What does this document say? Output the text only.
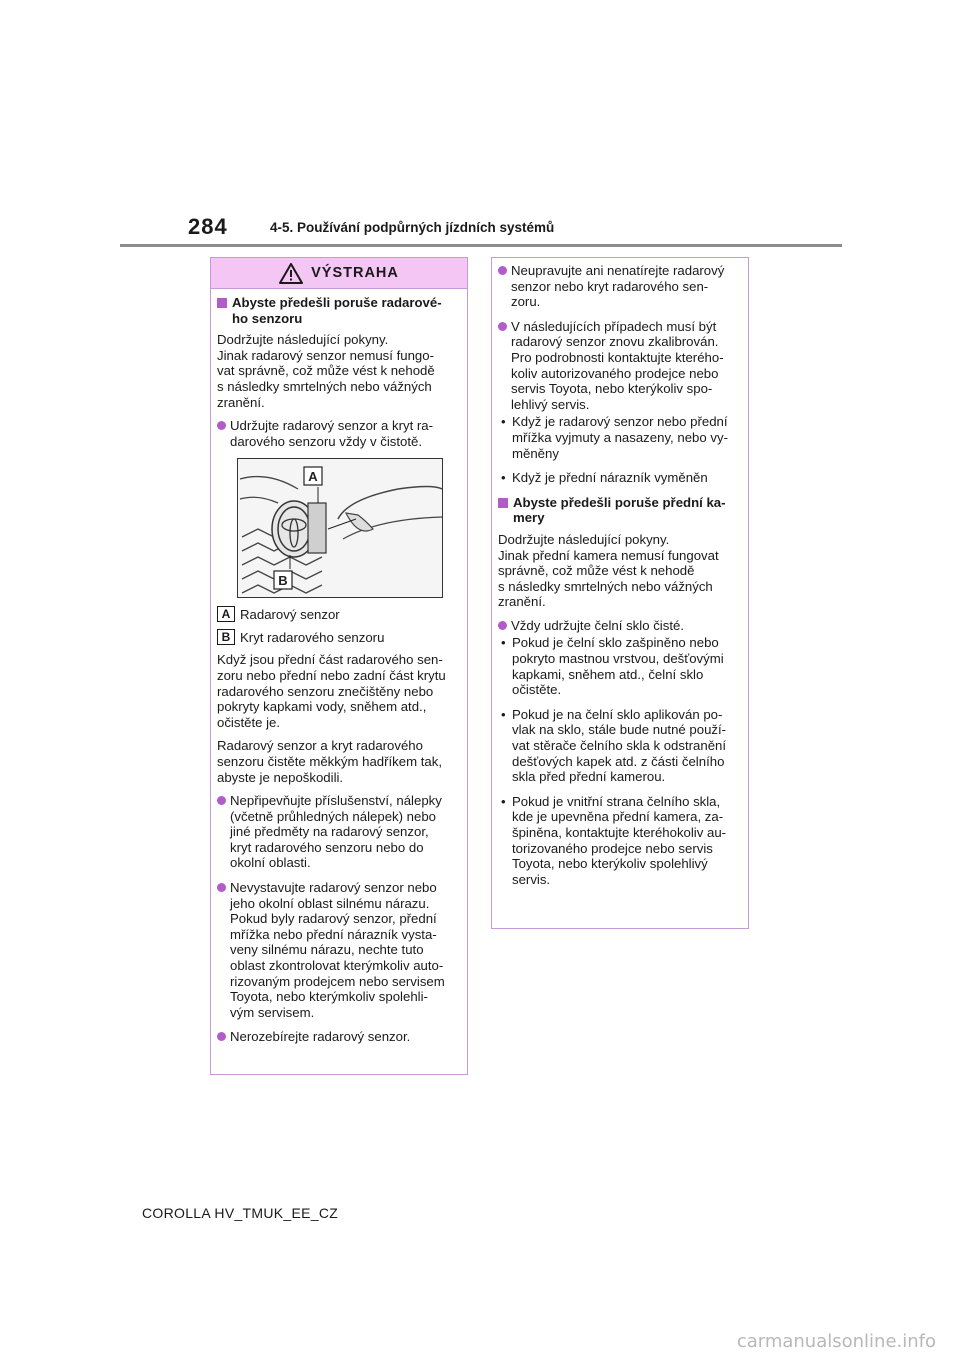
284	4-5. Používání podpůrných jízdních systémů
VÝSTRAHA
Abyste předešli poruše radarové-
ho senzoru
Dodržujte následující pokyny.
Jinak radarový senzor nemusí fungo-
vat správně, což může vést k nehodě
s následky smrtelných nebo vážných
zranění.
Udržujte radarový senzor a kryt ra-
darového senzoru vždy v čistotě.
A
B
A Radarový senzor
B Kryt radarového senzoru
Když jsou přední část radarového sen-
zoru nebo přední nebo zadní část krytu
radarového senzoru znečištěny nebo
pokryty kapkami vody, sněhem atd.,
očistěte je.
Radarový senzor a kryt radarového
senzoru čistěte měkkým hadříkem tak,
abyste je nepoškodili.
Nepřipevňujte příslušenství, nálepky
(včetně průhledných nálepek) nebo
jiné předměty na radarový senzor,
kryt radarového senzoru nebo do
okolní oblasti.
Nevystavujte radarový senzor nebo
jeho okolní oblast silnému nárazu.
Pokud byly radarový senzor, přední
mřížka nebo přední nárazník vysta-
veny silnému nárazu, nechte tuto
oblast zkontrolovat kterýmkoliv auto-
rizovaným prodejcem nebo servisem
Toyota, nebo kterýmkoliv spolehli-
vým servisem.
Nerozebírejte radarový senzor.
Neupravujte ani nenatírejte radarový
senzor nebo kryt radarového sen-
zoru.
V následujících případech musí být
radarový senzor znovu zkalibrován.
Pro podrobnosti kontaktujte kteréhо-
koliv autorizovaného prodejce nebo
servis Toyota, nebo kterýkoliv spo-
lehlivý servis.
• Když je radarový senzor nebo přední
mřížka vyjmuty a nasazeny, nebo vy-
měněny
• Když je přední nárazník vyměněn
Abyste předešli poruše přední ka-
mery
Dodržujte následující pokyny.
Jinak přední kamera nemusí fungovat
správně, což může vést k nehodě
s následky smrtelných nebo vážných
zranění.
Vždy udržujte čelní sklo čisté.
• Pokud je čelní sklo zašpiněno nebo
pokryto mastnou vrstvou, dešťovými
kapkami, sněhem atd., čelní sklo
očistěte.
• Pokud je na čelní sklo aplikován po-
vlak na sklo, stále bude nutné použí-
vat stěrače čelního skla k odstranění
dešťových kapek atd. z části čelního
skla před přední kamerou.
• Pokud je vnitřní strana čelního skla,
kde je upevněna přední kamera, za-
špiněna, kontaktujte kteréhokoliv au-
torizovaného prodejce nebo servis
Toyota, nebo kterýkoliv spolehlivý
servis.
COROLLA HV_TMUK_EE_CZ
carmanualsonline.info
